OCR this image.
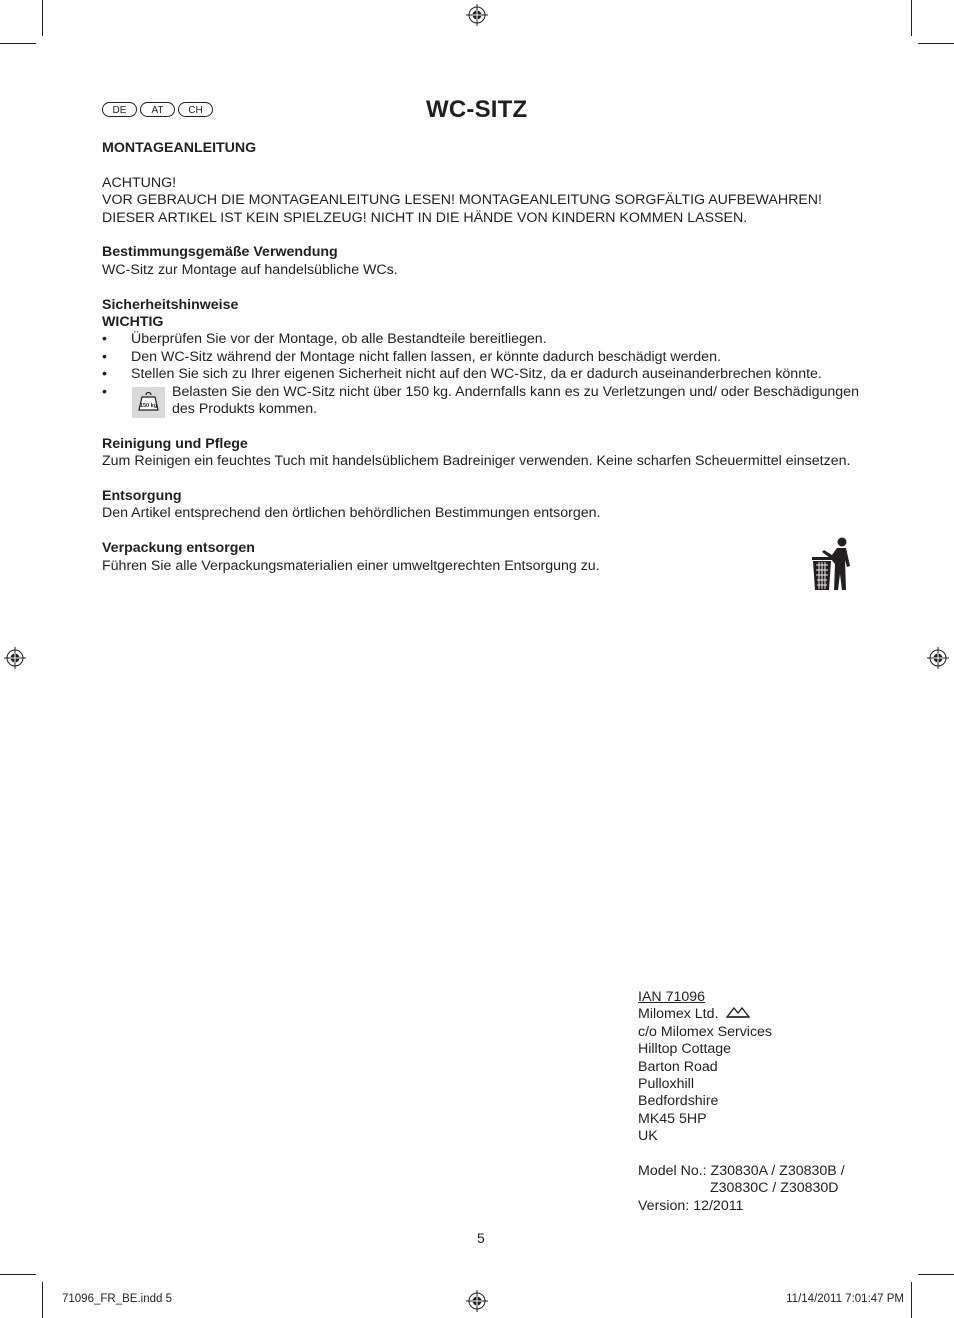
DE	AT	CH	WC-SITZ

MONTAGEANLEITUNG

ACHTUNG!

VOR GEBRAUCH DIE MONTAGEANLEITUNG LESEN! MONTAGEANLEITUNG SORGFÄLTIG AUFBEWAHREN!

DIESER ARTIKEL IST KEIN SPIELZEUG! NICHT IN DIE HÄNDE VON KINDERN KOMMEN LASSEN.

Bestimmungsgemäße Verwendung

WC-Sitz zur Montage auf handelsübliche WCs.

Sicherheitshinweise

WICHTIG

• Überprüfen Sie vor der Montage, ob alle Bestandteile bereitliegen.

• Den WC-Sitz während der Montage nicht fallen lassen, er könnte dadurch beschädigt werden.

• Stellen Sie sich zu Ihrer eigenen Sicherheit nicht auf den WC-Sitz, da er dadurch auseinanderbrechen könnte.

•
150 kg
Belasten Sie den WC-Sitz nicht über 150 kg. Andernfalls kann es zu Verletzungen und/ oder Beschädigungen des Produkts kommen.

Reinigung und Pflege

Zum Reinigen ein feuchtes Tuch mit handelsüblichem Badreiniger verwenden. Keine scharfen Scheuermittel einsetzen.

Entsorgung

Den Artikel entsprechend den örtlichen behördlichen Bestimmungen entsorgen.

Verpackung entsorgen

Führen Sie alle Verpackungsmaterialien einer umweltgerechten Entsorgung zu.

IAN 71096

Milomex Ltd.

c/o Milomex Services

Hilltop Cottage

Barton Road

Pulloxhill

Bedfordshire

MK45 5HP

UK

Model No.: Z30830A / Z30830B /

Z30830C / Z30830D

Version: 12/2011

5
71096_FR_BE.indd 5	11/14/2011 7:01:47 PM
